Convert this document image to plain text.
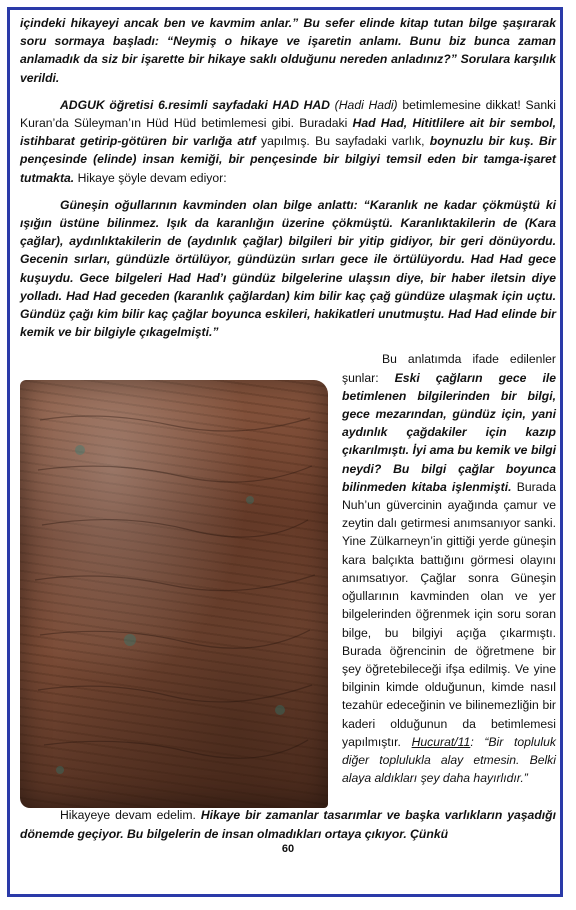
içindeki hikayeyi ancak ben ve kavmim anlar.” Bu sefer elinde kitap tutan bilge şaşırarak soru sormaya başladı: “Neymiş o hikaye ve işaretin anlamı. Bunu biz bunca zaman anlamadık da siz bir işarette bir hikaye saklı olduğunu nereden anladınız?” Sorulara karşılık verildi.

ADGUK öğretisi 6.resimli sayfadaki HAD HAD (Hadi Hadi) betimlemesine dikkat! Sanki Kuran’da Süleyman’ın Hüd Hüd betimlemesi gibi. Buradaki Had Had, Hititlilere ait bir sembol, istihbarat getirip-götüren bir varlığa atıf yapılmış. Bu sayfadaki varlık, boynuzlu bir kuş. Bir pençesinde (elinde) insan kemiği, bir pençesinde bir bilgiyi temsil eden bir tamga-işaret tutmakta. Hikaye şöyle devam ediyor:

Güneşin oğullarının kavminden olan bilge anlattı: “Karanlık ne kadar çökmüştü ki ışığın üstüne bilinmez. Işık da karanlığın üzerine çökmüştü. Karanlıktakilerin de (Kara çağlar), aydınlıktakilerin de (aydınlık çağlar) bilgileri bir yitip gidiyor, bir geri dönüyordu. Gecenin sırları, gündüzle örtülüyor, gündüzün sırları gece ile örtülüyordu. Had Had gece kuşuydu. Gece bilgeleri Had Had’ı gündüz bilgelerine ulaşsın diye, bir haber iletsin diye yolladı. Had Had geceden (karanlık çağlardan) kim bilir kaç çağ gündüze ulaşmak için uçtu. Gündüz çağı kim bilir kaç çağlar boyunca eskileri, hakikatleri unutmuştu. Had Had elinde bir kemik ve bir bilgiyle çıkagelmişti.”

Bu anlatımda ifade edilenler şunlar: Eski çağların gece ile betimlenen bilgilerinden bir bilgi, gece mezarından, gündüz için, yani aydınlık çağdakiler için kazıp çıkarılmıştı. İyi ama bu kemik ve bilgi neydi? Bu bilgi çağlar boyunca bilinmeden kitaba işlenmişti. Burada Nuh’un güvercinin ayağında çamur ve zeytin dalı getirmesi anımsanıyor sanki. Yine Zülkarneyn’in gittiği yerde güneşin kara balçıkta battığını görmesi olayını anımsatıyor. Çağlar sonra Güneşin oğullarının kavminden olan ve yer bilgelerinden öğrenmek için soru soran bilge, bu bilgiyi açığa çıkarmıştı. Burada öğrencinin de öğretmene bir şey öğretebileceği ifşa edilmiş. Ve yine bilginin kimde olduğunun, kimde nasıl tezahür edeceğinin ve bilinemezliğin bir kaderi olduğunun da betimlemesi yapılmıştır. Hucurat/11: “Bir topluluk diğer toplulukla alay etmesin. Belki alaya aldıkları şey daha hayırlıdır.”

Hikayeye devam edelim. Hikaye bir zamanlar tasarımlar ve başka varlıkların yaşadığı dönemde geçiyor. Bu bilgelerin de insan olmadıkları ortaya çıkıyor. Çünkü

60
